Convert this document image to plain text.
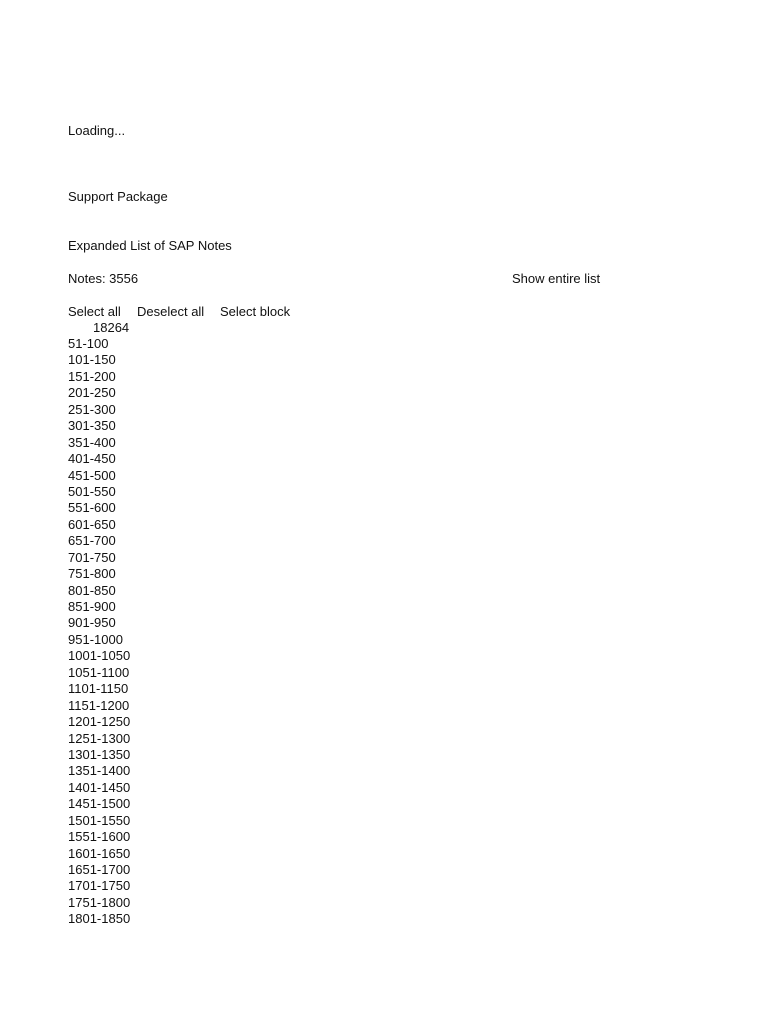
Loading...
Support Package
Expanded List of SAP Notes
Notes: 3556	Show entire list
Select all Deselect all Select block
18264
51-100
101-150
151-200
201-250
251-300
301-350
351-400
401-450
451-500
501-550
551-600
601-650
651-700
701-750
751-800
801-850
851-900
901-950
951-1000
1001-1050
1051-1100
1101-1150
1151-1200
1201-1250
1251-1300
1301-1350
1351-1400
1401-1450
1451-1500
1501-1550
1551-1600
1601-1650
1651-1700
1701-1750
1751-1800
1801-1850
